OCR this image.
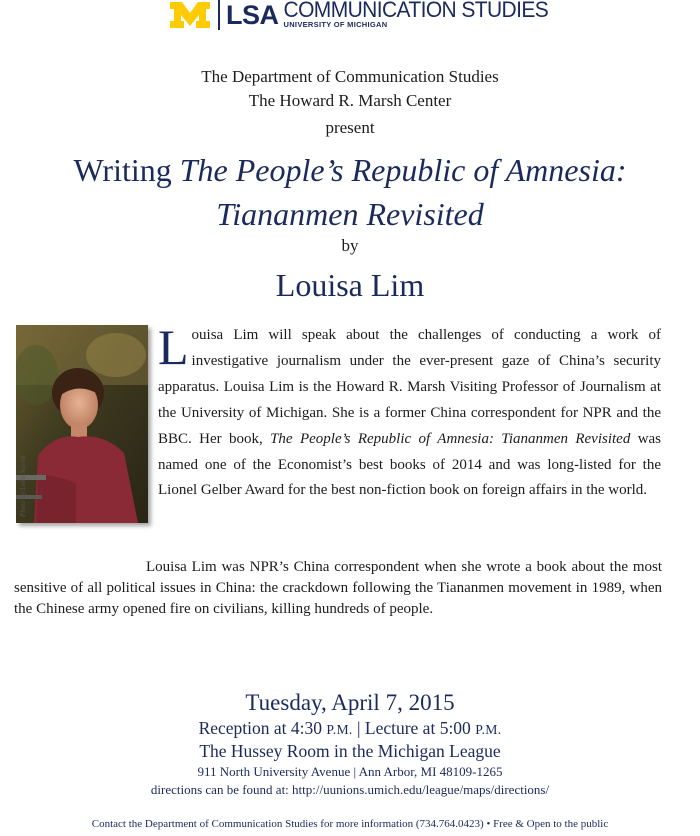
LSA COMMUNICATION STUDIES
UNIVERSITY OF MICHIGAN
The Department of Communication Studies
The Howard R. Marsh Center
present
Writing The People’s Republic of Amnesia:
Tiananmen Revisited
by
Louisa Lim
Photo by Leila Navidi
Louisa Lim will speak about the challenges of conducting a work of investigative journalism under the ever-present gaze of China’s security apparatus. Louisa Lim is the Howard R. Marsh Visiting Professor of Journalism at the University of Michigan. She is a former China correspondent for NPR and the BBC. Her book, The People’s Republic of Amnesia: Tiananmen Revisited was named one of the Economist’s best books of 2014 and was long-listed for the Lionel Gelber Award for the best non-fiction book on foreign affairs in the world.
Louisa Lim was NPR’s China correspondent when she wrote a book about the most sensitive of all political issues in China: the crackdown following the Tiananmen movement in 1989, when the Chinese army opened fire on civilians, killing hundreds of people.
Tuesday, April 7, 2015
Reception at 4:30 P.M. | Lecture at 5:00 P.M.
The Hussey Room in the Michigan League
911 North University Avenue | Ann Arbor, MI 48109-1265
directions can be found at: http://uunions.umich.edu/league/maps/directions/
Contact the Department of Communication Studies for more information (734.764.0423) • Free & Open to the public
